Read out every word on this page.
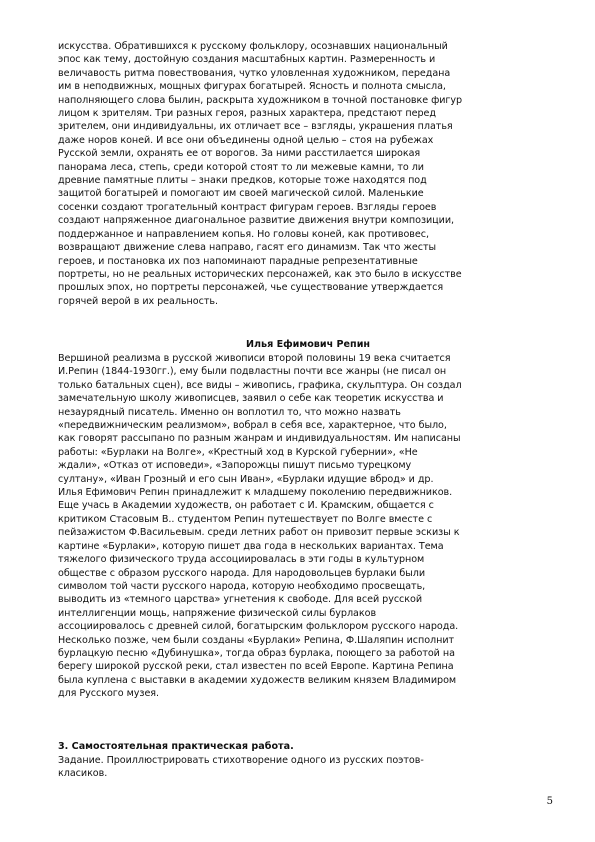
искусства. Обратившихся к русскому фольклору, осознавших национальный
эпос как тему, достойную создания масштабных картин. Размеренность и
величавость ритма повествования, чутко уловленная художником, передана
им в неподвижных, мощных фигурах богатырей. Ясность и полнота смысла,
наполняющего слова былин, раскрыта художником в точной постановке фигур
лицом к зрителям. Три разных героя, разных характера, предстают перед
зрителем, они индивидуальны, их отличает все – взгляды, украшения платья
даже норов коней. И все они объединены одной целью – стоя на рубежах
Русской земли, охранять ее от ворогов. За ними расстилается широкая
панорама леса, степь, среди которой стоят то ли межевые камни, то ли
древние памятные плиты – знаки предков, которые тоже находятся под
защитой богатырей и помогают им своей магической силой. Маленькие
сосенки создают трогательный контраст фигурам героев. Взгляды героев
создают напряженное диагональное развитие движения внутри композиции,
поддержанное и направлением копья. Но головы коней, как противовес,
возвращают движение слева направо, гасят его динамизм. Так что жесты
героев, и постановка их поз напоминают парадные репрезентативные
портреты, но не реальных исторических персонажей, как это было в искусстве
прошлых эпох, но портреты персонажей, чье существование утверждается
горячей верой в их реальность.
Илья Ефимович Репин
Вершиной реализма в русской живописи второй половины 19 века считается
И.Репин (1844-1930гг.), ему были подвластны почти все жанры (не писал он
только батальных сцен), все виды – живопись, графика, скульптура. Он создал
замечательную школу живописцев, заявил о себе как теоретик искусства и
незаурядный писатель. Именно он воплотил то, что можно назвать
«передвижническим реализмом», вобрал в себя все, характерное, что было,
как говорят рассыпано по разным жанрам и индивидуальностям. Им написаны
работы: «Бурлаки на Волге», «Крестный ход в Курской губернии», «Не
ждали», «Отказ от исповеди», «Запорожцы пишут письмо турецкому
султану», «Иван Грозный и его сын Иван», «Бурлаки идущие вброд» и др.
Илья Ефимович Репин принадлежит к младшему поколению передвижников.
Еще учась в Академии художеств, он работает с И. Крамским, общается с
критиком Стасовым В.. студентом Репин путешествует по Волге вместе с
пейзажистом Ф.Васильевым. среди летних работ он привозит первые эскизы к
картине «Бурлаки», которую пишет два года в нескольких вариантах. Тема
тяжелого физического труда ассоциировалась в эти годы в культурном
обществе с образом русского народа. Для народовольцев бурлаки были
символом той части русского народа, которую необходимо просвещать,
выводить из «темного царства» угнетения к свободе. Для всей русской
интеллигенции мощь, напряжение физической силы бурлаков
ассоциировалось с древней силой, богатырским фольклором русского народа.
Несколько позже, чем были созданы «Бурлаки» Репина, Ф.Шаляпин исполнит
бурлацкую песню «Дубинушка», тогда образ бурлака, поющего за работой на
берегу широкой русской реки, стал известен по всей Европе. Картина Репина
была куплена с выставки в академии художеств великим князем Владимиром
для Русского музея.
3. Самостоятельная практическая работа.
Задание. Проиллюстрировать стихотворение одного из русских поэтов-
класиков.
5
